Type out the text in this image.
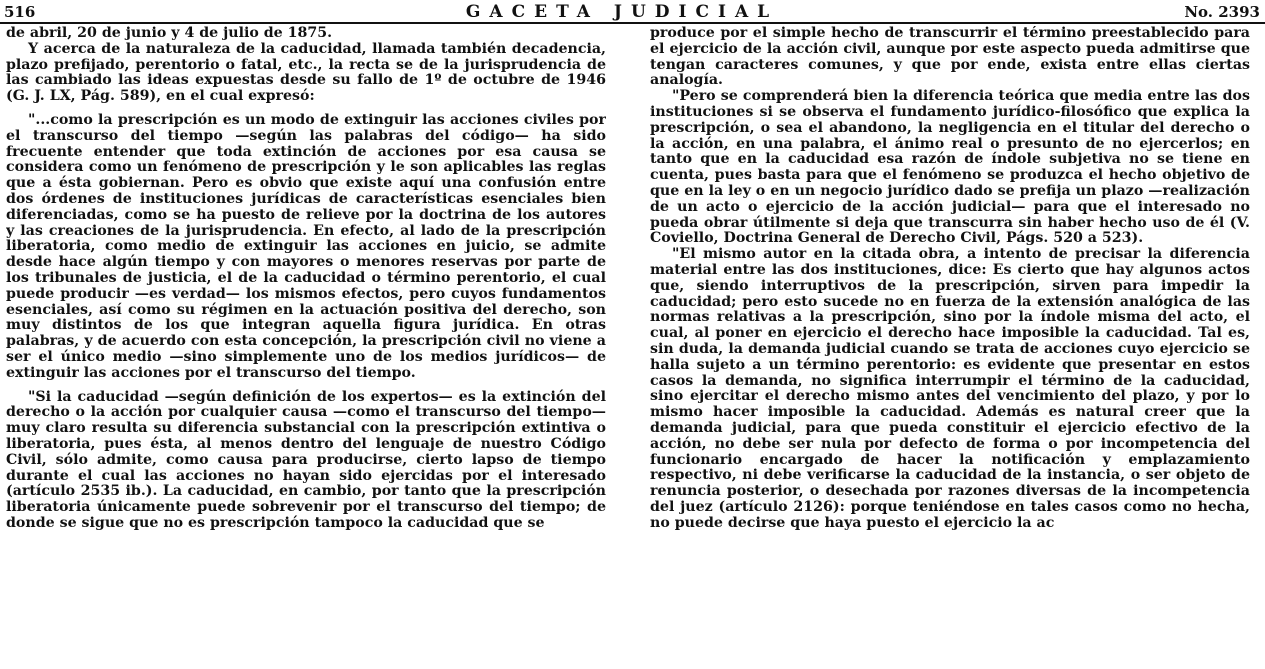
516	GACETA JUDICIAL	No. 2393

de abril, 20 de junio y 4 de julio de 1875.

Y acerca de la naturaleza de la caducidad, llamada también decadencia, plazo prefijado, perentorio o fatal, etc., la recta se de la jurisprudencia de las cambiado las ideas expuestas desde su fallo de 1º de octubre de 1946 (G. J. LX, Pág. 589), en el cual expresó:

"...como la prescripción es un modo de extinguir las acciones civiles por el transcurso del tiempo —según las palabras del código— ha sido frecuente entender que toda extinción de acciones por esa causa se considera como un fenómeno de prescripción y le son aplicables las reglas que a ésta gobiernan. Pero es obvio que existe aquí una confusión entre dos órdenes de instituciones jurídicas de características esenciales bien diferenciadas, como se ha puesto de relieve por la doctrina de los autores y las creaciones de la jurisprudencia. En efecto, al lado de la prescripción liberatoria, como medio de extinguir las acciones en juicio, se admite desde hace algún tiempo y con mayores o menores reservas por parte de los tribunales de justicia, el de la caducidad o término perentorio, el cual puede producir —es verdad— los mismos efectos, pero cuyos fundamentos esenciales, así como su régimen en la actuación positiva del derecho, son muy distintos de los que integran aquella figura jurídica. En otras palabras, y de acuerdo con esta concepción, la prescripción civil no viene a ser el único medio —sino simplemente uno de los medios jurídicos— de extinguir las acciones por el transcurso del tiempo.

"Si la caducidad —según definición de los expertos— es la extinción del derecho o la acción por cualquier causa —como el transcurso del tiempo— muy claro resulta su diferencia substancial con la prescripción extintiva o liberatoria, pues ésta, al menos dentro del lenguaje de nuestro Código Civil, sólo admite, como causa para producirse, cierto lapso de tiempo durante el cual las acciones no hayan sido ejercidas por el interesado (artículo 2535 ib.). La caducidad, en cambio, por tanto que la prescripción liberatoria únicamente puede sobrevenir por el transcurso del tiempo; de donde se sigue que no es prescripción tampoco la caducidad que se

produce por el simple hecho de transcurrir el término preestablecido para el ejercicio de la acción civil, aunque por este aspecto pueda admitirse que tengan caracteres comunes, y que por ende, exista entre ellas ciertas analogía.

"Pero se comprenderá bien la diferencia teórica que media entre las dos instituciones si se observa el fundamento jurídico-filosófico que explica la prescripción, o sea el abandono, la negligencia en el titular del derecho o la acción, en una palabra, el ánimo real o presunto de no ejercerlos; en tanto que en la caducidad esa razón de índole subjetiva no se tiene en cuenta, pues basta para que el fenómeno se produzca el hecho objetivo de que en la ley o en un negocio jurídico dado se prefija un plazo —realización de un acto o ejercicio de la acción judicial— para que el interesado no pueda obrar útilmente si deja que transcurra sin haber hecho uso de él (V. Coviello, Doctrina General de Derecho Civil, Págs. 520 a 523).

"El mismo autor en la citada obra, a intento de precisar la diferencia material entre las dos instituciones, dice: Es cierto que hay algunos actos que, siendo interruptivos de la prescripción, sirven para impedir la caducidad; pero esto sucede no en fuerza de la extensión analógica de las normas relativas a la prescripción, sino por la índole misma del acto, el cual, al poner en ejercicio el derecho hace imposible la caducidad. Tal es, sin duda, la demanda judicial cuando se trata de acciones cuyo ejercicio se halla sujeto a un término perentorio: es evidente que presentar en estos casos la demanda, no significa interrumpir el término de la caducidad, sino ejercitar el derecho mismo antes del vencimiento del plazo, y por lo mismo hacer imposible la caducidad. Además es natural creer que la demanda judicial, para que pueda constituir el ejercicio efectivo de la acción, no debe ser nula por defecto de forma o por incompetencia del funcionario encargado de hacer la notificación y emplazamiento respectivo, ni debe verificarse la caducidad de la instancia, o ser objeto de renuncia posterior, o desechada por razones diversas de la incompetencia del juez (artículo 2126): porque teniéndose en tales casos como no hecha, no puede decirse que haya puesto el ejercicio la ac
